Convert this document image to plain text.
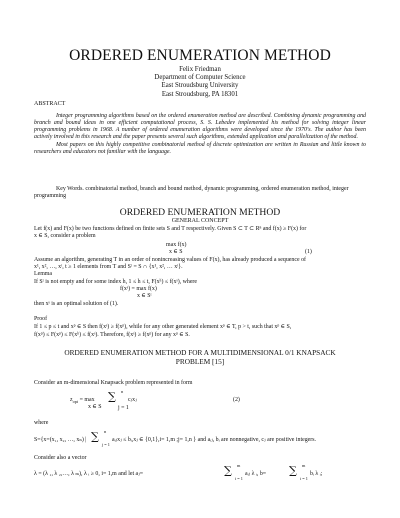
ORDERED ENUMERATION METHOD
Felix Friedman
Department of Computer Science
East Stroudsburg University
East Stroudsburg, PA 18301
ABSTRACT

Integer programming algorithms based on the ordered enumeration method are described. Combining dynamic programming and branch and bound ideas in one efficient computational process, S. S. Lebedev implemented his method for solving integer linear programming problems in 1968. A number of ordered enumeration algorithms were developed since the 1970's. The author has been actively involved in this research and the paper presents several such algorithms, extended application and parallelization of the method.

Most papers on this highly competitive combinatorial method of discrete optimization are written in Russian and little known to researchers and educators not familiar with the language.

Key Words. combinatorial method, branch and bound method, dynamic programming, ordered enumeration method, integer programming
ORDERED ENUMERATION METHOD
GENERAL CONCEPT
Let f(x) and F(x) be two functions defined on finite sets S and T respectively. Given S ⊂ T ⊂ Rⁿ and f(x) ≥ F(x) for
x ∈ S, consider a problem
max f(x)
x ∈ S	(1)
Assume an algorithm, generating T in an order of nonincreasing values of F(x), has already produced a sequence of
x¹, x², …, xᵗ, t ≥ 1 elements from T and Sᵗ = S ∩ {x¹, x², … xᵗ}.
Lemma
If Sᵗ is not empty and for some index h, 1 ≤ h ≤ t, F(xʰ) ≤ f(xˢ), where
f(xˢ) = max f(x)
x ∈ Sᵗ
then xˢ is an optimal solution of (1).
Proof
If 1 ≤ p ≤ t and xᵖ ∈ S then f(xˢ) ≥ f(xᵖ), while for any other generated element xᵖ ∈ T, p > t, such that xᵖ ∈ S,
f(xᵖ) ≤ F(xᵖ) ≤ F(xʰ) ≤ f(xˢ). Therefore, f(xˢ) ≥ f(xᵖ) for any xᵖ ∈ S.
ORDERED ENUMERATION METHOD FOR A MULTIDIMENSIONAL 0/1 KNAPSACK PROBLEM [15]
Consider an m-dimensional Knapsack problem represented in form
$z_{opt} = \max$
x ∈ S
n
∑
j = 1
cⱼxⱼ	(2)
where
S={x=(x₁, x₂, …, xₙ) | ∑ n
j = 1
aᵢⱼxⱼ ≤ bᵢ,xⱼ ∈ {0,1},i= 1,m ;j= 1,n } and aᵢⱼ, bᵢ are nonnegative, cⱼ are positive integers.
Consider also a vector
λ = (λ ₁, λ ₂,…, λ ₘ), λ ᵢ ≥ 0, i= 1,m and let aⱼ=	∑ m
i = 1
aᵢⱼ λ ᵢ, b= ∑ m
i = 1
bᵢ λ ᵢ;
